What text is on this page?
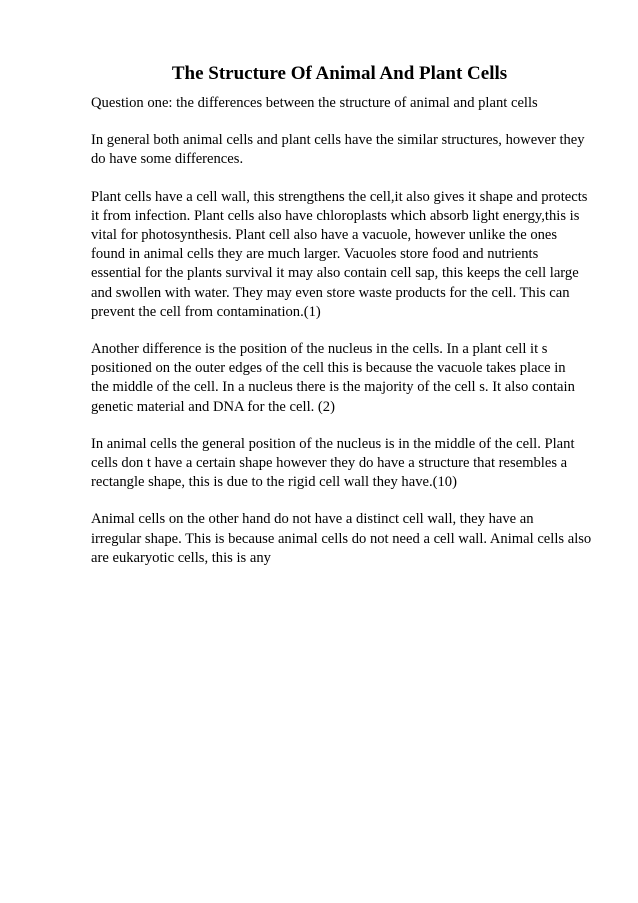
The Structure Of Animal And Plant Cells

Question one: the differences between the structure of animal and plant cells

In general both animal cells and plant cells have the similar structures, however they
do have some differences.

Plant cells have a cell wall, this strengthens the cell,it also gives it shape and protects
it from infection. Plant cells also have chloroplasts which absorb light energy,this is
vital for photosynthesis. Plant cell also have a vacuole, however unlike the ones
found in animal cells they are much larger. Vacuoles store food and nutrients
essential for the plants survival it may also contain cell sap, this keeps the cell large
and swollen with water. They may even store waste products for the cell. This can
prevent the cell from contamination.(1)

Another difference is the position of the nucleus in the cells. In a plant cell it s
positioned on the outer edges of the cell this is because the vacuole takes place in
the middle of the cell. In a nucleus there is the majority of the cell s. It also contain
genetic material and DNA for the cell. (2)

In animal cells the general position of the nucleus is in the middle of the cell. Plant
cells don t have a certain shape however they do have a structure that resembles a
rectangle shape, this is due to the rigid cell wall they have.(10)

Animal cells on the other hand do not have a distinct cell wall, they have an
irregular shape. This is because animal cells do not need a cell wall. Animal cells also
are eukaryotic cells, this is any
